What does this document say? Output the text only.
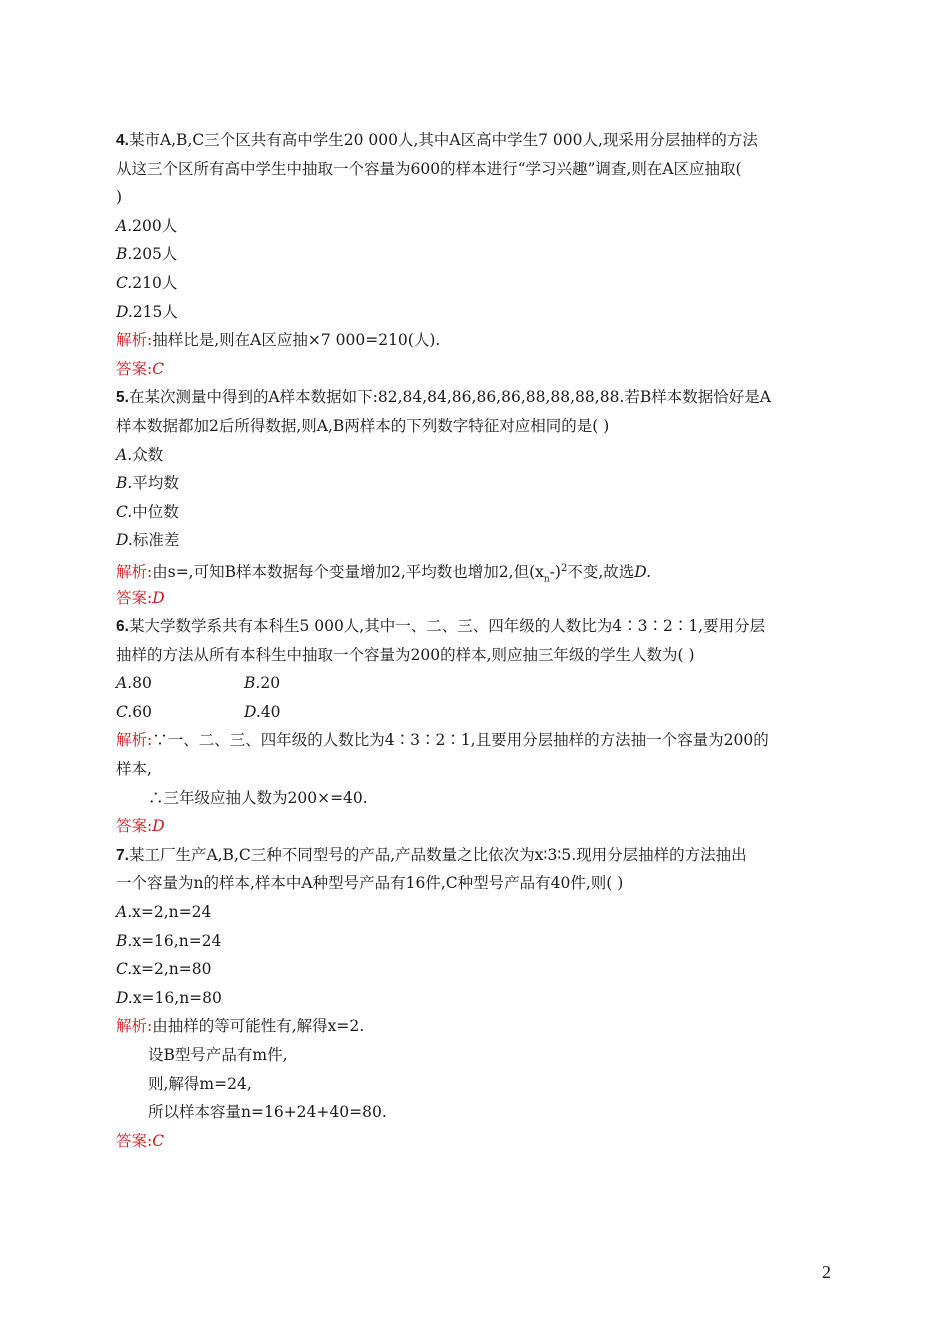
4.某市A,B,C三个区共有高中学生20 000人,其中A区高中学生7 000人,现采用分层抽样的方法
从这三个区所有高中学生中抽取一个容量为600的样本进行“学习兴趣”调查,则在A区应抽取(
)
A.200人
B.205人
C.210人
D.215人
解析:抽样比是,则在A区应抽×7 000=210(人).
答案:C
5.在某次测量中得到的A样本数据如下:82,84,84,86,86,86,88,88,88,88.若B样本数据恰好是A
样本数据都加2后所得数据,则A,B两样本的下列数字特征对应相同的是( )
A.众数
B.平均数
C.中位数
D.标准差
解析:由s=,可知B样本数据每个变量增加2,平均数也增加2,但$(x_n-)^2$不变,故选D.
答案:D
6.某大学数学系共有本科生5 000人,其中一、二、三、四年级的人数比为4∶3∶2∶1,要用分层
抽样的方法从所有本科生中抽取一个容量为200的样本,则应抽三年级的学生人数为( )
A.80	B.20
C.60	D.40
解析:∵一、二、三、四年级的人数比为4∶3∶2∶1,且要用分层抽样的方法抽一个容量为200的
样本,
∴三年级应抽人数为200×=40.
答案:D
7.某工厂生产A,B,C三种不同型号的产品,产品数量之比依次为x∶3∶5.现用分层抽样的方法抽出
一个容量为n的样本,样本中A种型号产品有16件,C种型号产品有40件,则( )
A.x=2,n=24
B.x=16,n=24
C.x=2,n=80
D.x=16,n=80
解析:由抽样的等可能性有,解得x=2.
设B型号产品有m件,
则,解得m=24,
所以样本容量n=16+24+40=80.
答案:C
2
